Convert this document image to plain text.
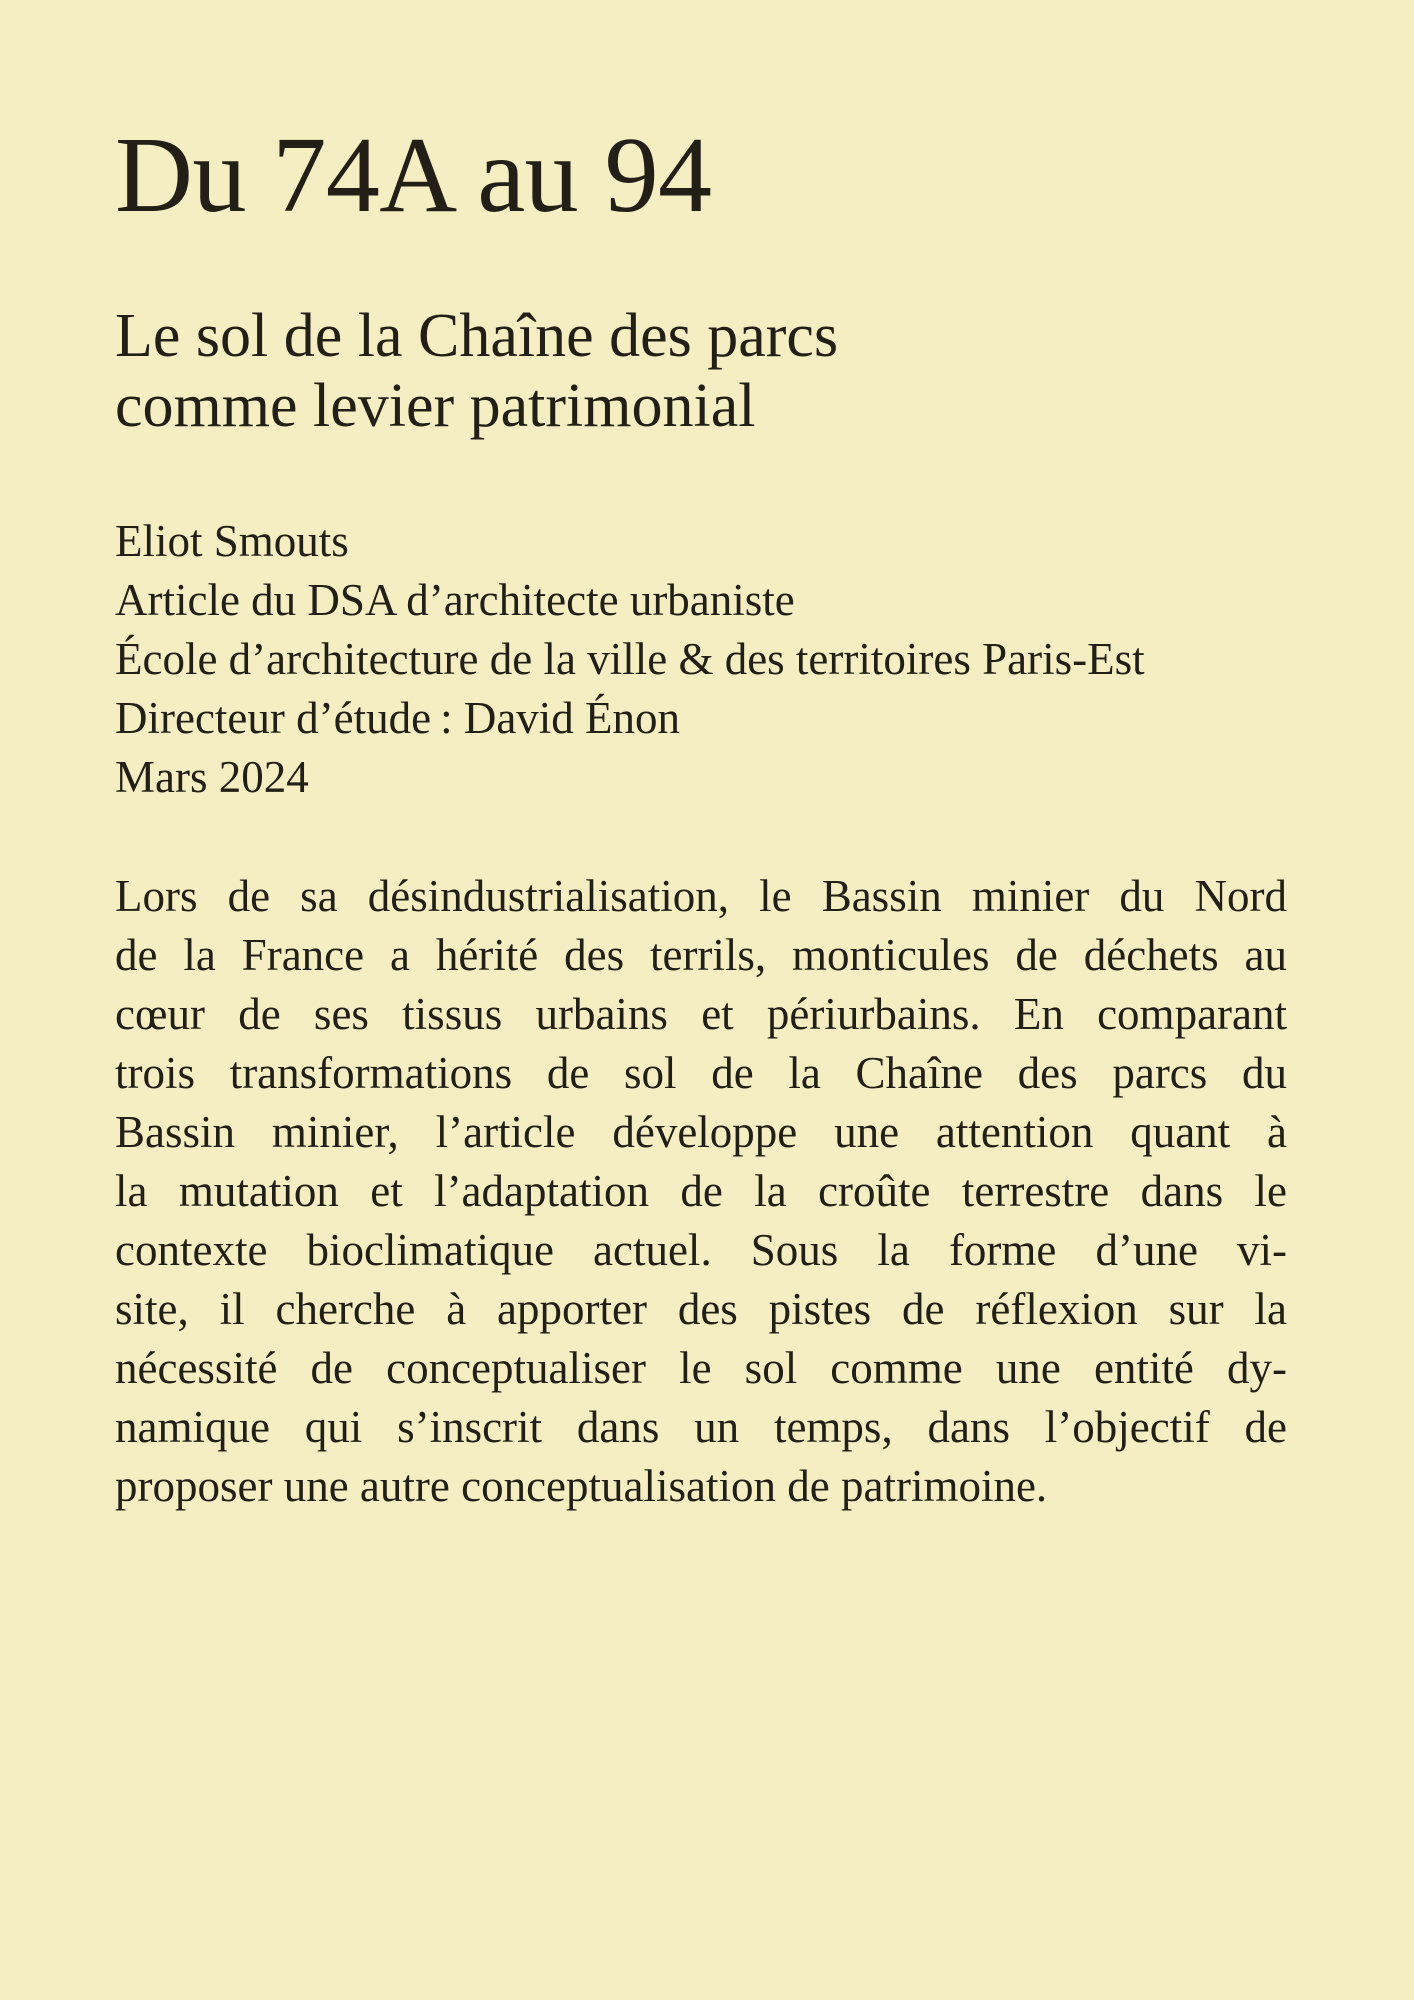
Du 74A au 94
Le sol de la Chaîne des parcs
comme levier patrimonial
Eliot Smouts
Article du DSA d’architecte urbaniste
École d’architecture de la ville & des territoires Paris-Est
Directeur d’étude : David Énon
Mars 2024
Lors de sa désindustrialisation, le Bassin minier du Nord
de la France a hérité des terrils, monticules de déchets au
cœur de ses tissus urbains et périurbains. En comparant
trois transformations de sol de la Chaîne des parcs du
Bassin minier, l’article développe une attention quant à
la mutation et l’adaptation de la croûte terrestre dans le
contexte bioclimatique actuel. Sous la forme d’une vi-
site, il cherche à apporter des pistes de réflexion sur la
nécessité de conceptualiser le sol comme une entité dy-
namique qui s’inscrit dans un temps, dans l’objectif de
proposer une autre conceptualisation de patrimoine.
